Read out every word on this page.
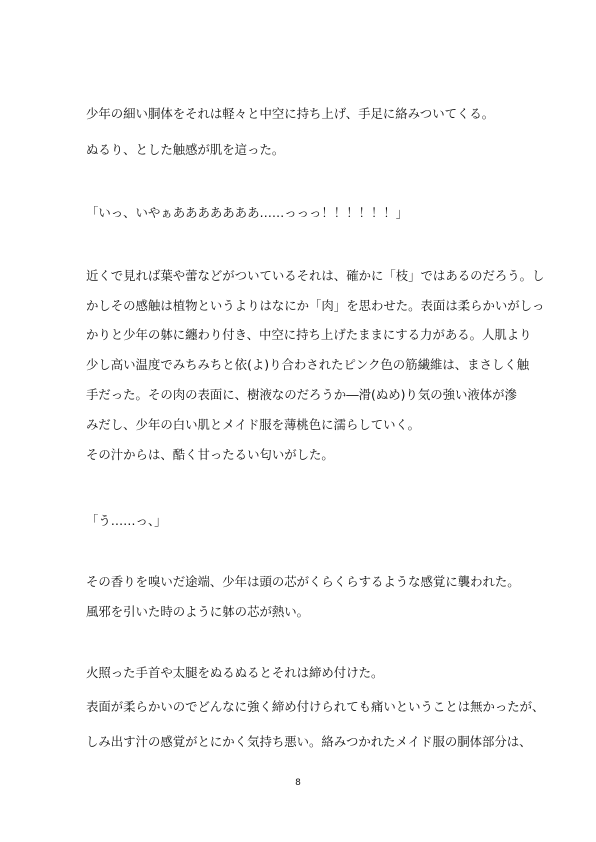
少年の細い胴体をそれは軽々と中空に持ち上げ、手足に絡みついてくる。
ぬるり、とした触感が肌を這った。
「いっ、いやぁあああああああ……っっっ！！！！！！」
近くで見れば葉や蕾などがついているそれは、確かに「枝」ではあるのだろう。し
かしその感触は植物というよりはなにか「肉」を思わせた。表面は柔らかいがしっ
かりと少年の躰に纏わり付き、中空に持ち上げたままにする力がある。人肌より
少し高い温度でみちみちと依(よ)り合わされたピンク色の筋繊維は、まさしく触
手だった。その肉の表面に、樹液なのだろうか―滑(ぬめ)り気の強い液体が滲
みだし、少年の白い肌とメイド服を薄桃色に濡らしていく。
その汁からは、酷く甘ったるい匂いがした。
「う……っ、」
その香りを嗅いだ途端、少年は頭の芯がくらくらするような感覚に襲われた。
風邪を引いた時のように躰の芯が熱い。
火照った手首や太腿をぬるぬるとそれは締め付けた。
表面が柔らかいのでどんなに強く締め付けられても痛いということは無かったが、
しみ出す汁の感覚がとにかく気持ち悪い。絡みつかれたメイド服の胴体部分は、
8
